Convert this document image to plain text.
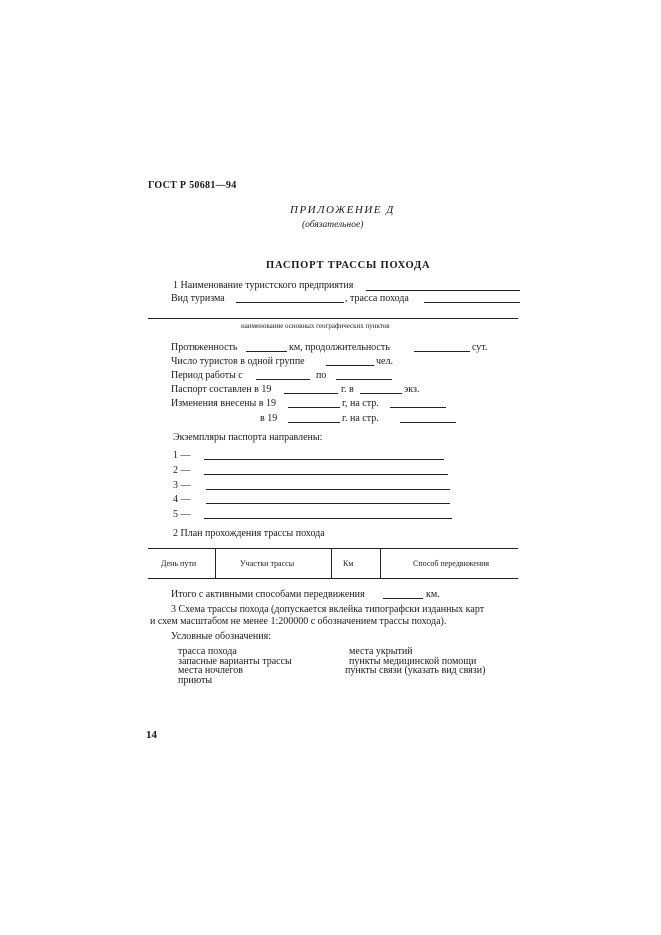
ГОСТ Р 50681—94
ПРИЛОЖЕНИЕ Д
(обязательное)
ПАСПОРТ ТРАССЫ ПОХОДА
1 Наименование туристского предприятия
Вид туризма	, трасса похода
наименование основных географических пунктов
Протяженность	км, продолжительность	сут.
Число туристов в одной группе	чел.
Период работы с	по
Паспорт составлен в 19	г. в	экз.
Изменения внесены в 19	г, на стр.
в 19	г. на стр.
Экземпляры паспорта направлены:
1 —
2 —
3 —
4 —
5 —
2 План прохождения трассы похода
День пути	Участки трассы	Км	Способ передвижения
Итого с активными способами передвижения	км.
3 Схема трассы похода (допускается вклейка типографски изданных карт
и схем масштабом не менее 1:200000 с обозначением трассы похода).
Условные обозначения:
трасса похода
запасные варианты трассы
места ночлегов
приюты
места укрытий
пункты медицинской помощи
пункты связи (указать вид связи)
14
